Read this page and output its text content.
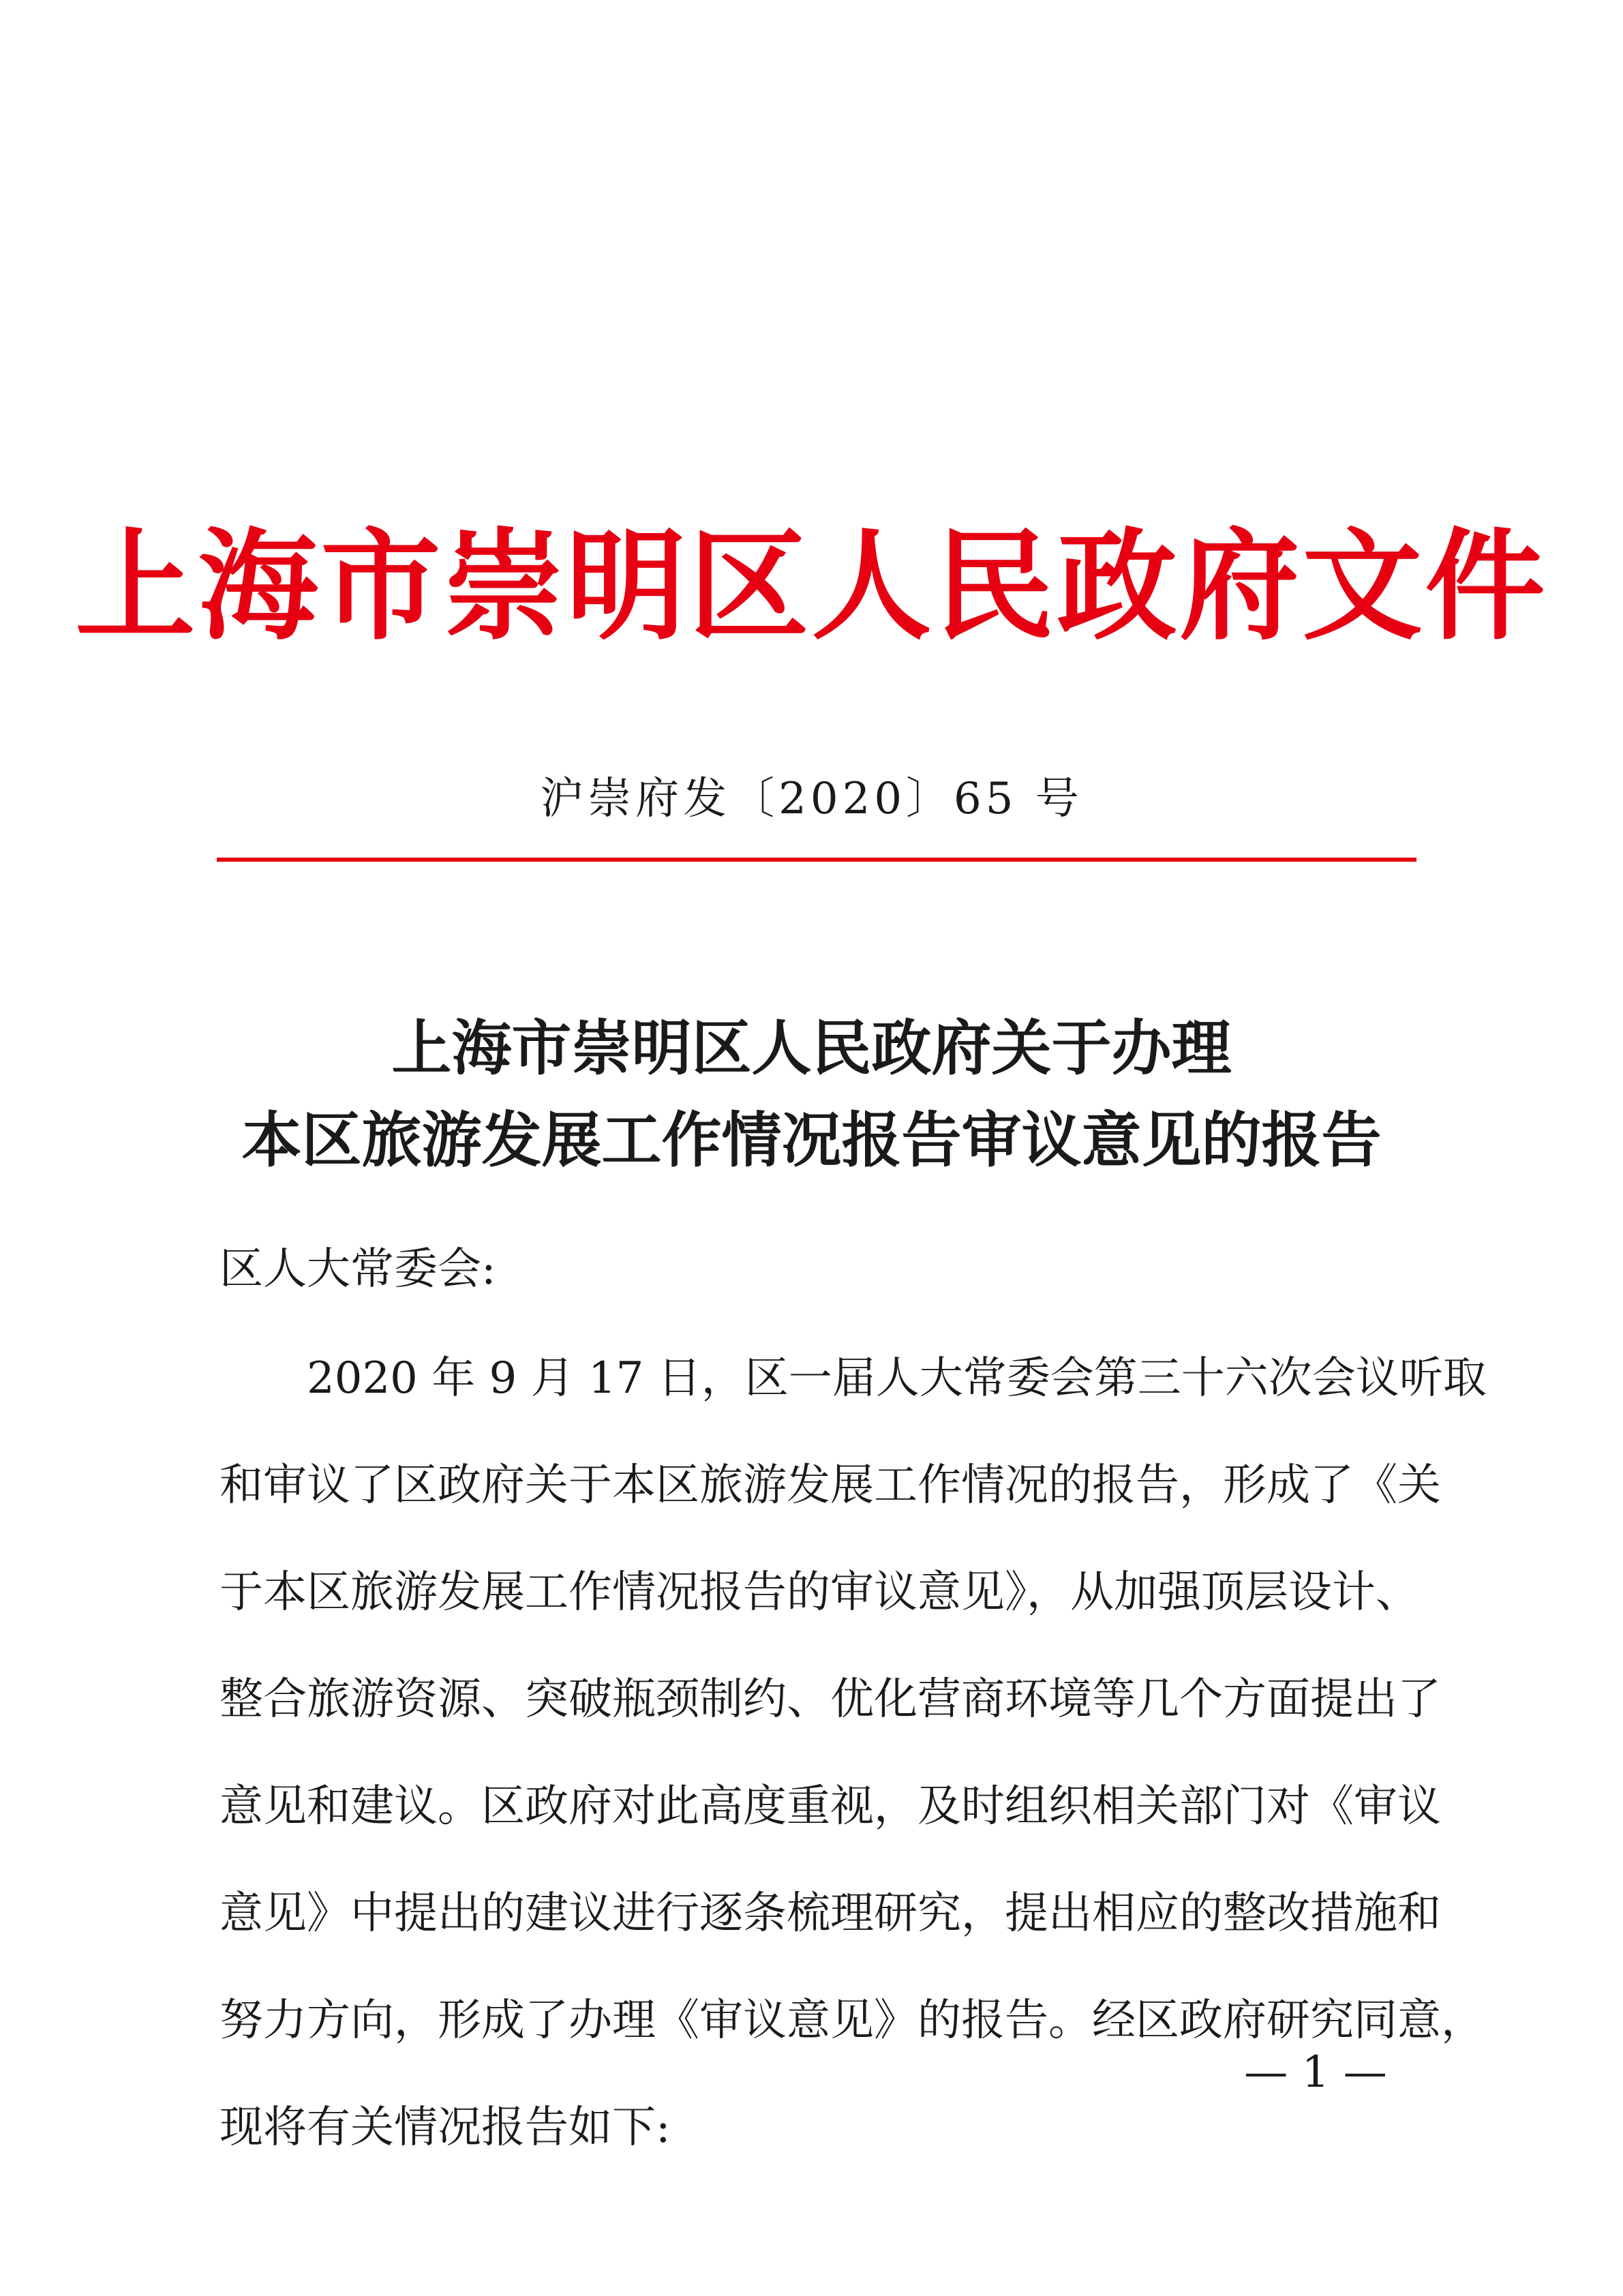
上海市崇明区人民政府文件
沪崇府发〔2020〕65 号
上海市崇明区人民政府关于办理
本区旅游发展工作情况报告审议意见的报告
区人大常委会:
2020 年 9 月 17 日，区一届人大常委会第三十六次会议听取
和审议了区政府关于本区旅游发展工作情况的报告，形成了《关
于本区旅游发展工作情况报告的审议意见》，从加强顶层设计、
整合旅游资源、突破瓶颈制约、优化营商环境等几个方面提出了
意见和建议。区政府对此高度重视，及时组织相关部门对《审议
意见》中提出的建议进行逐条梳理研究，提出相应的整改措施和
努力方向，形成了办理《审议意见》的报告。经区政府研究同意，
现将有关情况报告如下:
— 1 —
